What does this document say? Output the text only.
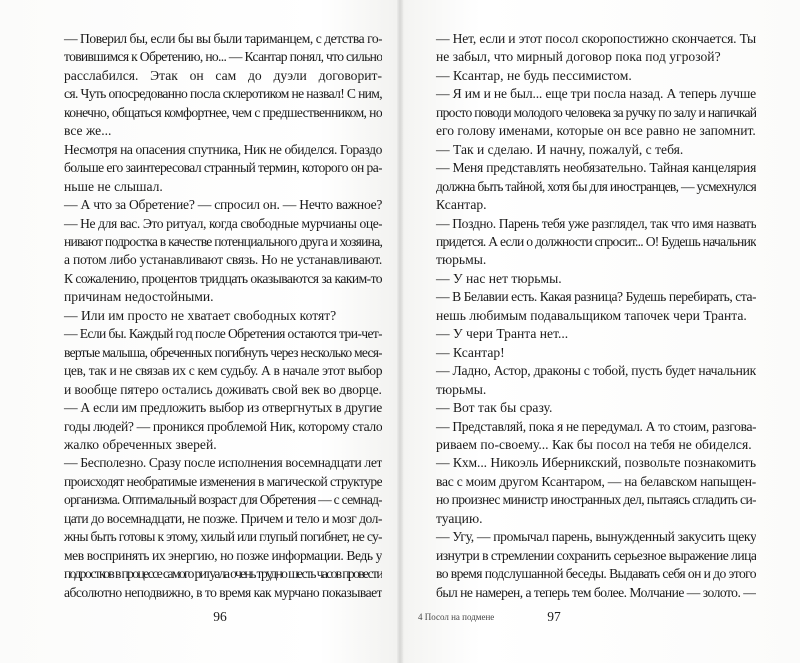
— Поверил бы, если бы вы были тариманцем, с детства го-
товившимся к Обретению, но... — Ксантар понял, что сильно
расслабился. Этак он сам до дуэли договорит-
ся. Чуть опосредованно посла склеротиком не назвал! С ним,
конечно, общаться комфортнее, чем с предшественником, но
все же...
Несмотря на опасения спутника, Ник не обиделся. Гораздо
больше его заинтересовал странный термин, которого он ра-
ньше не слышал.
— А что за Обретение? — спросил он. — Нечто важное?
— Не для вас. Это ритуал, когда свободные мурчианы оце-
нивают подростка в качестве потенциального друга и хозяина,
а потом либо устанавливают связь. Но не устанавливают.
К сожалению, процентов тридцать оказываются за каким-то
причинам недостойными.
— Или им просто не хватает свободных котят?
— Если бы. Каждый год после Обретения остаются три-чет-
вертые малыша, обреченных погибнуть через несколько меся-
цев, так и не связав их с кем судьбу. А в начале этот выбор
и вообще пятеро остались доживать свой век во дворце.
— А если им предложить выбор из отвергнутых в другие
годы людей? — проникся проблемой Ник, которому стало
жалко обреченных зверей.
— Бесполезно. Сразу после исполнения восемнадцати лет
происходят необратимые изменения в магической структуре
организма. Оптимальный возраст для Обретения — с семнад-
цати до восемнадцати, не позже. Причем и тело и мозг дол-
жны быть готовы к этому, хилый или глупый погибнет, не су-
мев воспринять их энергию, но позже информации. Ведь у
подростков в процессе самого ритуала очень трудно шесть часов провести
абсолютно неподвижно, в то время как мурчано показывает

— Нет, если и этот посол скоропостижно скончается. Ты
не забыл, что мирный договор пока под угрозой?
— Ксантар, не будь пессимистом.
— Я им и не был... еще три посла назад. А теперь лучше
просто поводи молодого человека за ручку по залу и напичкай
его голову именами, которые он все равно не запомнит.
— Так и сделаю. И начну, пожалуй, с тебя.
— Меня представлять необязательно. Тайная канцелярия
должна быть тайной, хотя бы для иностранцев, — усмехнулся
Ксантар.
— Поздно. Парень тебя уже разглядел, так что имя назвать
придется. А если о должности спросит... О! Будешь начальник
тюрьмы.
— У нас нет тюрьмы.
— В Белавии есть. Какая разница? Будешь перебирать, ста-
нешь любимым подавальщиком тапочек чери Транта.
— У чери Транта нет...
— Ксантар!
— Ладно, Астор, драконы с тобой, пусть будет начальник
тюрьмы.
— Вот так бы сразу.
— Представляй, пока я не передумал. А то стоим, разгова-
риваем по-своему... Как бы посол на тебя не обиделся.
— Кхм... Никоэль Иберникский, позвольте познакомить
вас с моим другом Ксантаром, — на белавском напыщен-
но произнес министр иностранных дел, пытаясь сгладить си-
туацию.
— Угу, — промычал парень, вынужденный закусить щеку
изнутри в стремлении сохранить серьезное выражение лица
во время подслушанной беседы. Выдавать себя он и до этого
был не намерен, а теперь тем более. Молчание — золото. —

96	4 Посол на подмене	97
